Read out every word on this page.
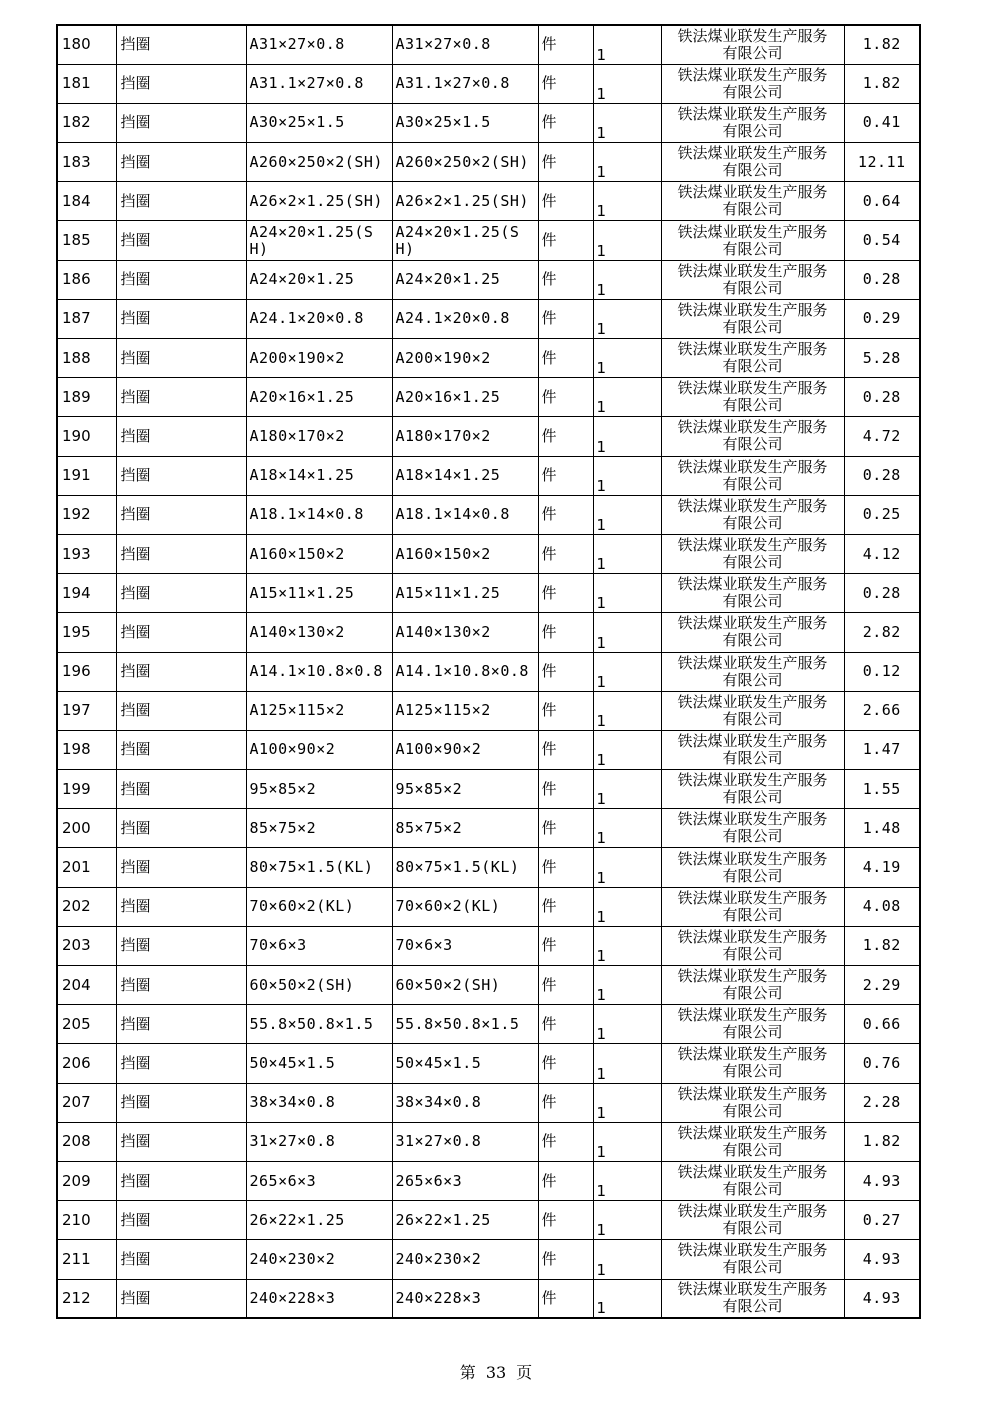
180	挡圈	A31×27×0.8	A31×27×0.8	件	1	铁法煤业联发生产服务
有限公司	1.82
181	挡圈	A31.1×27×0.8	A31.1×27×0.8	件	1	铁法煤业联发生产服务
有限公司	1.82
182	挡圈	A30×25×1.5	A30×25×1.5	件	1	铁法煤业联发生产服务
有限公司	0.41
183	挡圈	A260×250×2(SH)	A260×250×2(SH)	件	1	铁法煤业联发生产服务
有限公司	12.11
184	挡圈	A26×2×1.25(SH)	A26×2×1.25(SH)	件	1	铁法煤业联发生产服务
有限公司	0.64
185	挡圈	A24×20×1.25(SH)	A24×20×1.25(SH)	件	1	铁法煤业联发生产服务
有限公司	0.54
186	挡圈	A24×20×1.25	A24×20×1.25	件	1	铁法煤业联发生产服务
有限公司	0.28
187	挡圈	A24.1×20×0.8	A24.1×20×0.8	件	1	铁法煤业联发生产服务
有限公司	0.29
188	挡圈	A200×190×2	A200×190×2	件	1	铁法煤业联发生产服务
有限公司	5.28
189	挡圈	A20×16×1.25	A20×16×1.25	件	1	铁法煤业联发生产服务
有限公司	0.28
190	挡圈	A180×170×2	A180×170×2	件	1	铁法煤业联发生产服务
有限公司	4.72
191	挡圈	A18×14×1.25	A18×14×1.25	件	1	铁法煤业联发生产服务
有限公司	0.28
192	挡圈	A18.1×14×0.8	A18.1×14×0.8	件	1	铁法煤业联发生产服务
有限公司	0.25
193	挡圈	A160×150×2	A160×150×2	件	1	铁法煤业联发生产服务
有限公司	4.12
194	挡圈	A15×11×1.25	A15×11×1.25	件	1	铁法煤业联发生产服务
有限公司	0.28
195	挡圈	A140×130×2	A140×130×2	件	1	铁法煤业联发生产服务
有限公司	2.82
196	挡圈	A14.1×10.8×0.8	A14.1×10.8×0.8	件	1	铁法煤业联发生产服务
有限公司	0.12
197	挡圈	A125×115×2	A125×115×2	件	1	铁法煤业联发生产服务
有限公司	2.66
198	挡圈	A100×90×2	A100×90×2	件	1	铁法煤业联发生产服务
有限公司	1.47
199	挡圈	95×85×2	95×85×2	件	1	铁法煤业联发生产服务
有限公司	1.55
200	挡圈	85×75×2	85×75×2	件	1	铁法煤业联发生产服务
有限公司	1.48
201	挡圈	80×75×1.5(KL)	80×75×1.5(KL)	件	1	铁法煤业联发生产服务
有限公司	4.19
202	挡圈	70×60×2(KL)	70×60×2(KL)	件	1	铁法煤业联发生产服务
有限公司	4.08
203	挡圈	70×6×3	70×6×3	件	1	铁法煤业联发生产服务
有限公司	1.82
204	挡圈	60×50×2(SH)	60×50×2(SH)	件	1	铁法煤业联发生产服务
有限公司	2.29
205	挡圈	55.8×50.8×1.5	55.8×50.8×1.5	件	1	铁法煤业联发生产服务
有限公司	0.66
206	挡圈	50×45×1.5	50×45×1.5	件	1	铁法煤业联发生产服务
有限公司	0.76
207	挡圈	38×34×0.8	38×34×0.8	件	1	铁法煤业联发生产服务
有限公司	2.28
208	挡圈	31×27×0.8	31×27×0.8	件	1	铁法煤业联发生产服务
有限公司	1.82
209	挡圈	265×6×3	265×6×3	件	1	铁法煤业联发生产服务
有限公司	4.93
210	挡圈	26×22×1.25	26×22×1.25	件	1	铁法煤业联发生产服务
有限公司	0.27
211	挡圈	240×230×2	240×230×2	件	1	铁法煤业联发生产服务
有限公司	4.93
212	挡圈	240×228×3	240×228×3	件	1	铁法煤业联发生产服务
有限公司	4.93
第 33 页
